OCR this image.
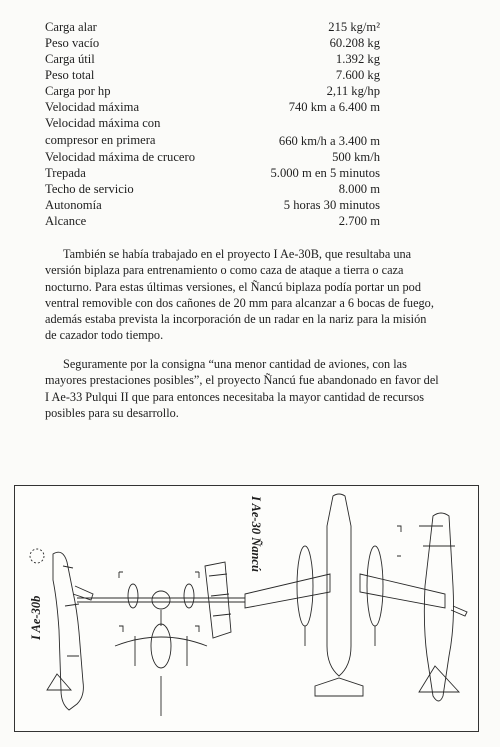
Carga alar	215 kg/m²
Peso vacío	60.208 kg
Carga útil	1.392 kg
Peso total	7.600 kg
Carga por hp	2,11 kg/hp
Velocidad máxima	740 km a 6.400 m
Velocidad máxima con
compresor en primera	660 km/h a 3.400 m
Velocidad máxima de crucero	500 km/h
Trepada	5.000 m en 5 minutos
Techo de servicio	8.000 m
Autonomía	5 horas 30 minutos
Alcance	2.700 m

También se había trabajado en el proyecto I Ae-30B, que resultaba una versión biplaza para entrenamiento o como caza de ataque a tierra o caza nocturno. Para estas últimas versiones, el Ñancú biplaza podía portar un pod ventral removible con dos cañones de 20 mm para alcanzar a 6 bocas de fuego, además estaba prevista la incorporación de un radar en la nariz para la misión de cazador todo tiempo.

Seguramente por la consigna “una menor cantidad de aviones, con las mayores prestaciones posibles”, el proyecto Ñancú fue abandonado en favor del I Ae-33 Pulqui II que para entonces necesitaba la mayor cantidad de recursos posibles para su desarrollo.

I Ae-30b
I Ae-30 Ñancú
